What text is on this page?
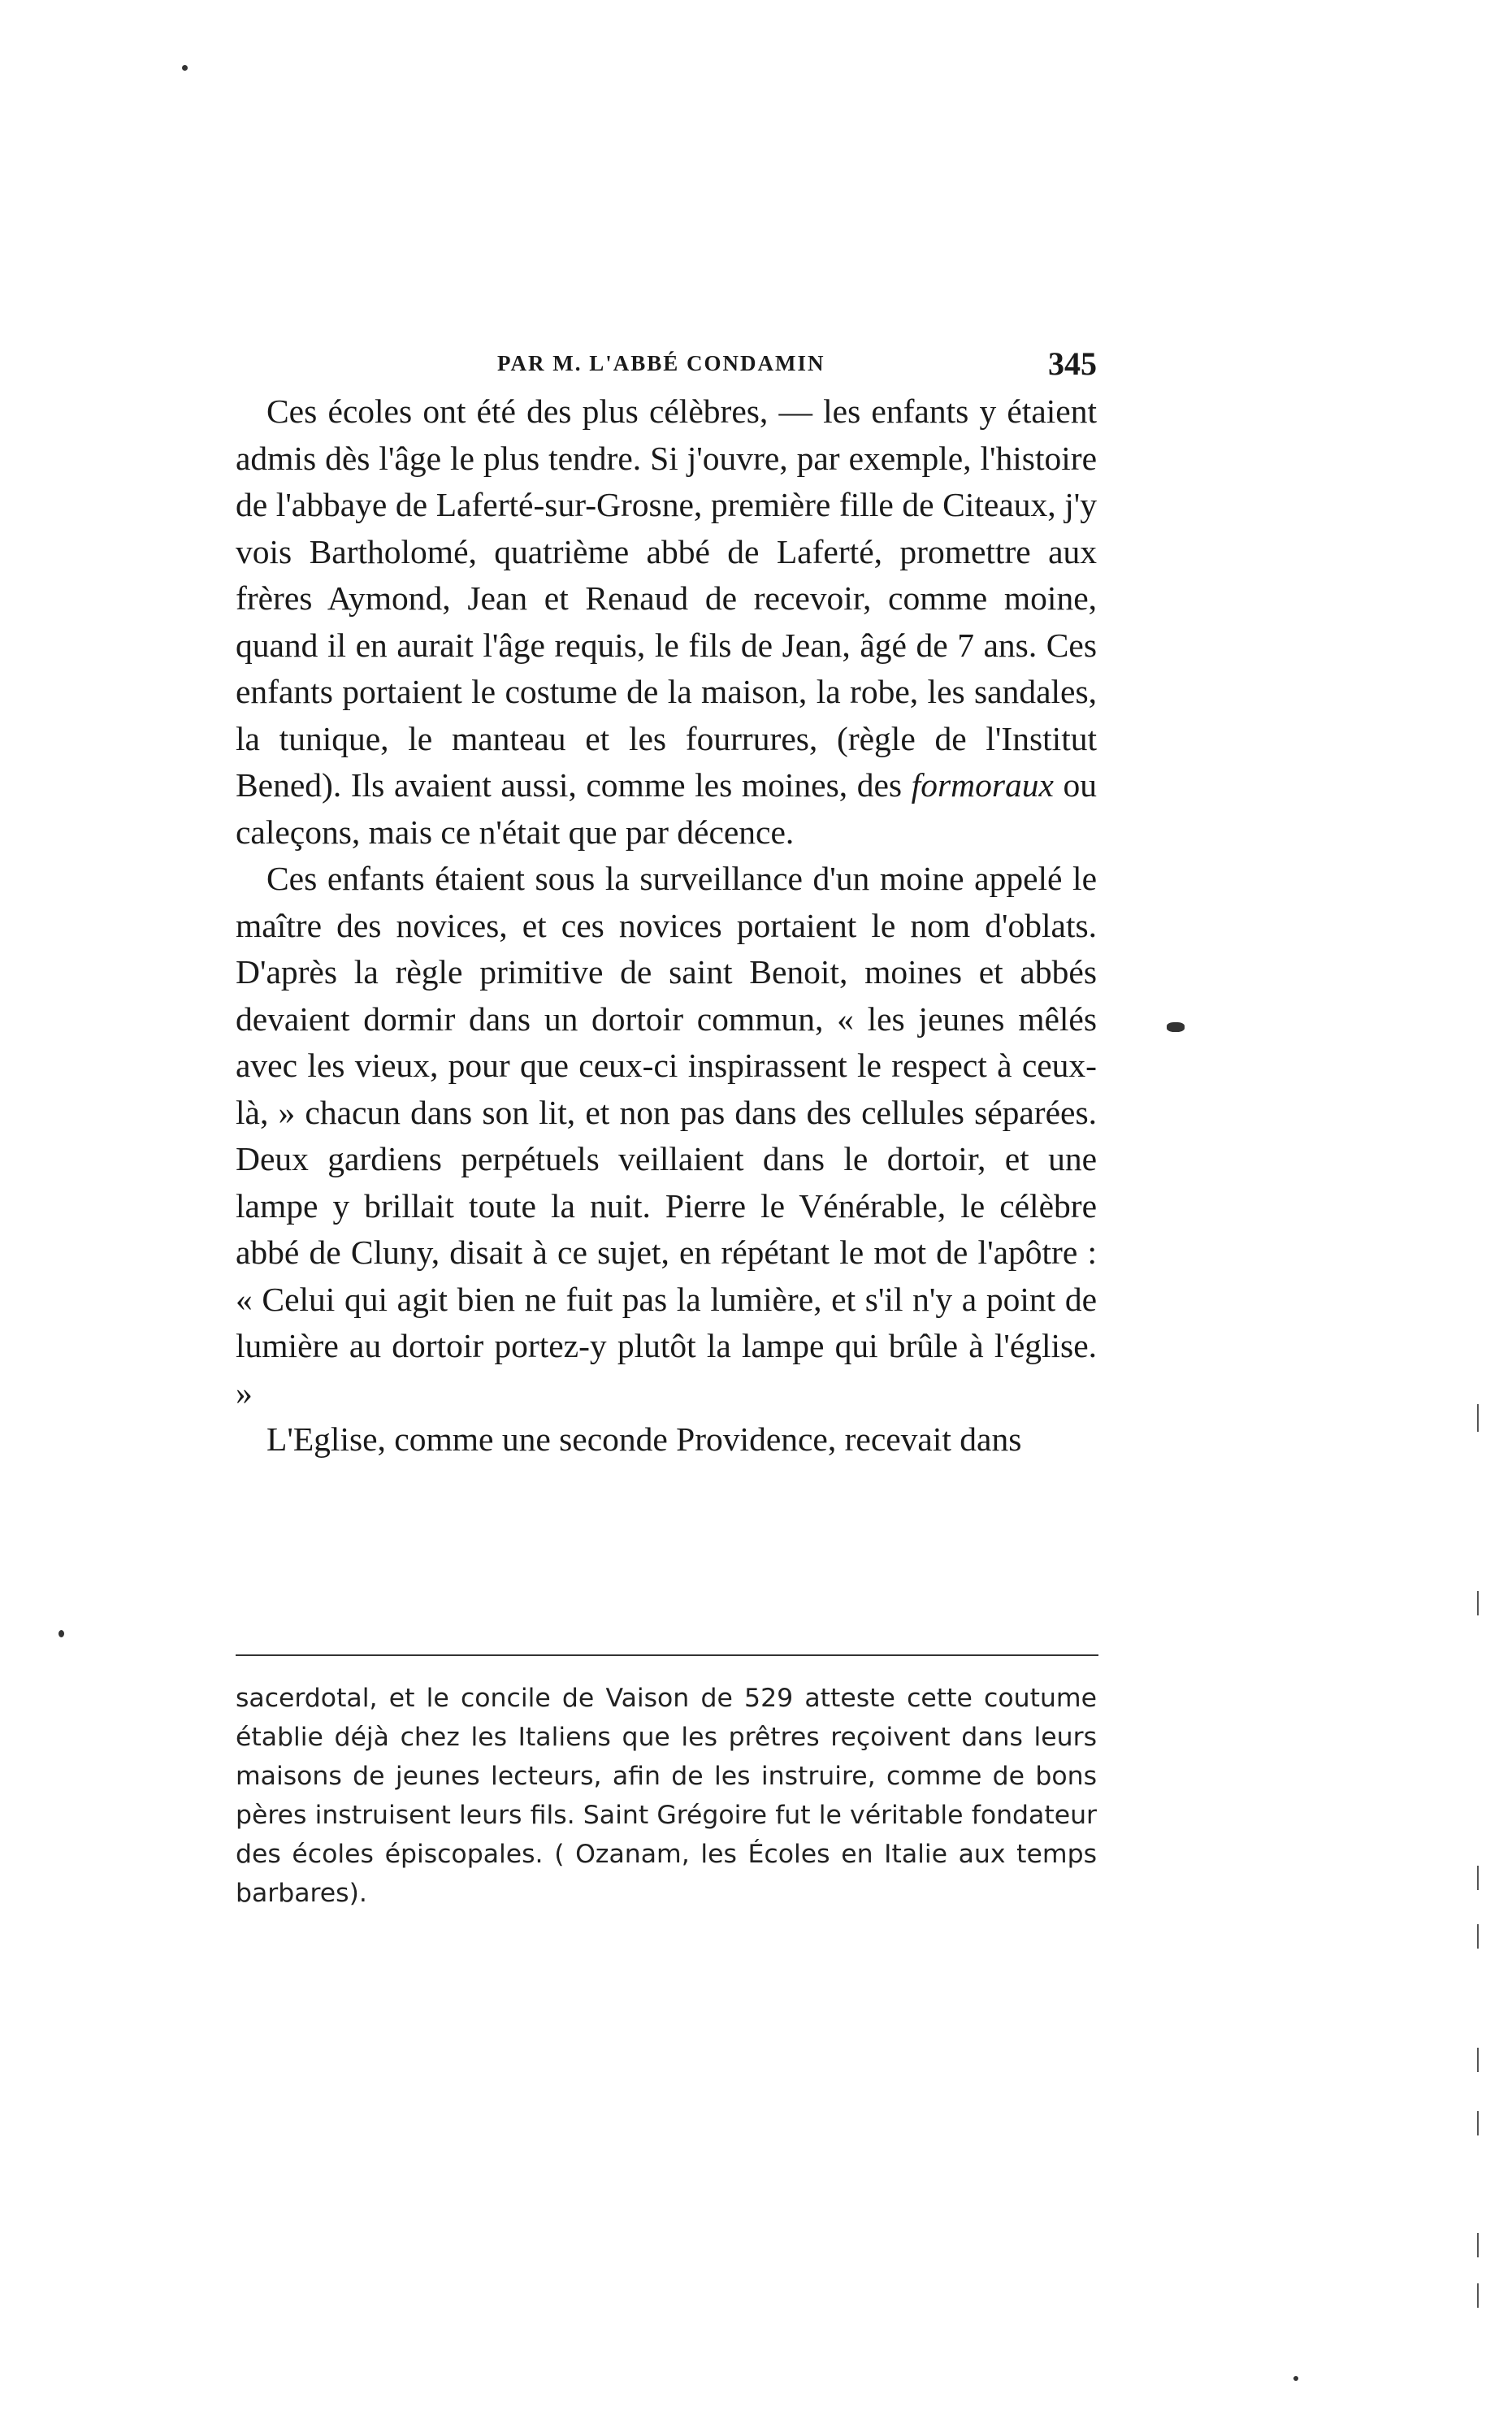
PAR M. L'ABBÉ CONDAMIN	345

Ces écoles ont été des plus célèbres, — les enfants y étaient admis dès l'âge le plus tendre. Si j'ouvre, par exemple, l'histoire de l'abbaye de Laferté-sur-Grosne, première fille de Citeaux, j'y vois Bartholomé, quatrième abbé de Laferté, promettre aux frères Aymond, Jean et Renaud de recevoir, comme moine, quand il en aurait l'âge requis, le fils de Jean, âgé de 7 ans. Ces enfants portaient le costume de la maison, la robe, les sandales, la tunique, le manteau et les fourrures, (règle de l'Institut Bened). Ils avaient aussi, comme les moines, des formoraux ou caleçons, mais ce n'était que par décence.

Ces enfants étaient sous la surveillance d'un moine appelé le maître des novices, et ces novices portaient le nom d'oblats. D'après la règle primitive de saint Benoit, moines et abbés devaient dormir dans un dortoir commun, « les jeunes mêlés avec les vieux, pour que ceux-ci inspirassent le respect à ceux-là, » chacun dans son lit, et non pas dans des cellules séparées. Deux gardiens perpétuels veillaient dans le dortoir, et une lampe y brillait toute la nuit. Pierre le Vénérable, le célèbre abbé de Cluny, disait à ce sujet, en répétant le mot de l'apôtre : « Celui qui agit bien ne fuit pas la lumière, et s'il n'y a point de lumière au dortoir portez-y plutôt la lampe qui brûle à l'église. »

L'Eglise, comme une seconde Providence, recevait dans

sacerdotal, et le concile de Vaison de 529 atteste cette coutume établie déjà chez les Italiens que les prêtres reçoivent dans leurs maisons de jeunes lecteurs, afin de les instruire, comme de bons pères instruisent leurs fils. Saint Grégoire fut le véritable fondateur des écoles épiscopales. ( Ozanam, les Écoles en Italie aux temps barbares).
